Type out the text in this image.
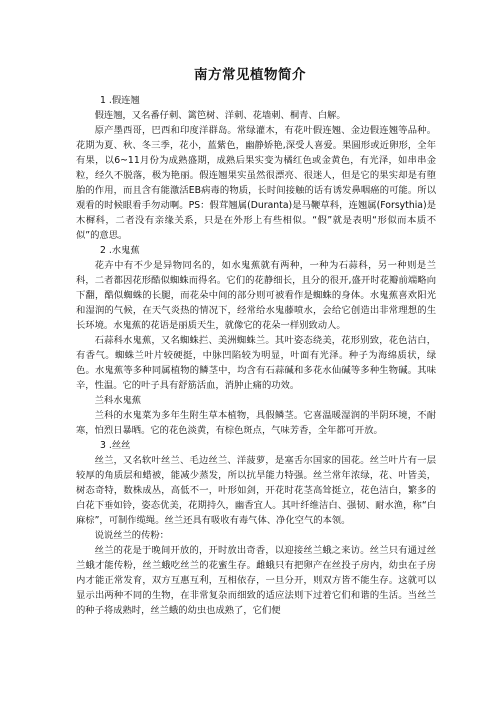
南方常见植物简介

1 .假连翘

假连翘，又名番仔刺、篱笆树、洋刺、花墙刺、桐青、白解。

原产墨西哥，巴西和印度洋群岛。常绿灌木，有花叶假连翘、金边假连翘等品种。花期为夏、秋、冬三季，花小，蓝紫色，幽静娇艳,深受人喜爱。果圆形或近卵形，全年有果，以6~11月份为成熟盛期，成熟后果实变为橘红色或金黄色，有光泽，如串串金粒，经久不脱落，极为艳丽。假连翘果实虽然很漂亮、很迷人，但是它的果实却是有堕胎的作用，而且含有能激活EB病毒的物质，长时间接触的话有诱发鼻咽癌的可能。所以观看的时候眼看手勿动啊。PS：假茸翘属(Duranta)是马鞭草科，连翘属(Forsythia)是木樨科，二者没有亲缘关系，只是在外形上有些相似。“假”就是表明“形似而本质不似”的意思。

2 .水鬼蕉

花卉中有不少是异物同名的，如水鬼蕉就有两种，一种为石蒜科，另一种则是兰科，二者都因花形酷似蜘蛛而得名。它们的花静细长，且分的很开,盛开时花瓣前端略向下翻，酷似蜘蛛的长腿，而花朵中间的部分则可被看作是蜘蛛的身体。水鬼蕉喜欢阳光和湿润的气候，在天气炎热的情况下，经常给水鬼藤喷水，会给它创造出非常理想的生长环境。水鬼蕉的花语是丽质天生，就像它的花朵一样别致动人。

石蒜科水鬼蕉，又名蜘蛛拦、美洲蜘蛛兰。其叶姿态绕美，花形别致，花色洁白，有香气。蜘蛛兰叶片较硬挺，中脉凹陷较为明显，叶面有光泽。种子为海绵质状，绿色。水鬼蕉等多种同属植物的鳞茎中，均含有石蒜碱和多花水仙碱等多种生物碱。其味辛，性温。它的叶子具有舒筋活血，消肿止痛的功效。

兰科水鬼蕉

兰科的水鬼菜为多年生附生草本植物，具假鳞茎。它喜温暖湿润的半阴环境，不耐寒，怕烈日暴晒。它的花色淡黄，有棕色斑点，气味芳香，全年都可开放。

3 .丝丝

丝兰，又名软叶丝兰、毛边丝兰、洋菠萝，是塞舌尔国家的国花。丝兰叶片有一层较厚的角质层和蜡被，能减少蒸发，所以抗旱能力特强。丝兰常年浓绿，花、叶皆美，树态奇特，数株成丛，高低不一，叶形如剑，开花时花茎高耸挺立，花色洁白，繁多的白花下垂如铃，姿态优美，花期持久，幽香宜人。其叶纤维洁白、强韧、耐水渔，称“白麻棕”，可制作缆绳。丝兰还具有吸收有毒气体、净化空气的本领。

说说丝兰的传粉：

丝兰的花是于晚间开放的，开时放出奇香，以迎接丝兰蛾之来访。丝兰只有通过丝兰蛾才能传粉，丝兰蛾吃丝兰的花蜜生存。雌蛾只有把卵产在丝投子房内，幼虫在子房内才能正常发育，双方互惠互利，互相依存，一旦分开，则双方皆不能生存。这就可以显示出两种不同的生物，在非常复杂而细致的适应法则下过着它们和谐的生活。当丝兰的种子将成熟时，丝兰蛾的幼虫也成熟了，它们便
